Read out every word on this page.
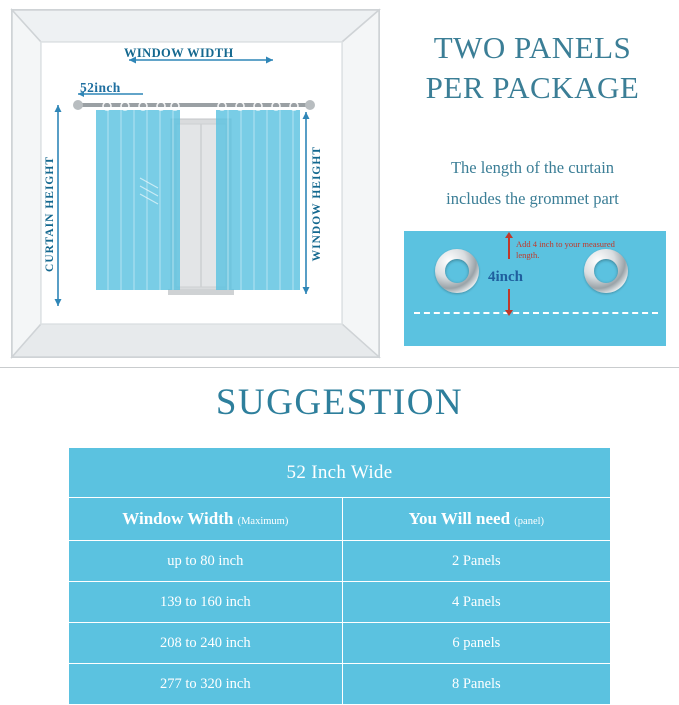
WINDOW WIDTH
52inch
CURTAIN HEIGHT	WINDOW HEIGHT
TWO PANELS
PER PACKAGE
The length of the curtain
includes the grommet part
Add 4 inch to your measured length.
4inch
SUGGESTION
52 Inch Wide	
Window Width (Maximum)	You Will need (panel)
up to 80 inch	2 Panels
139 to 160 inch	4 Panels
208 to 240 inch	6 panels
277 to 320 inch	8 Panels
